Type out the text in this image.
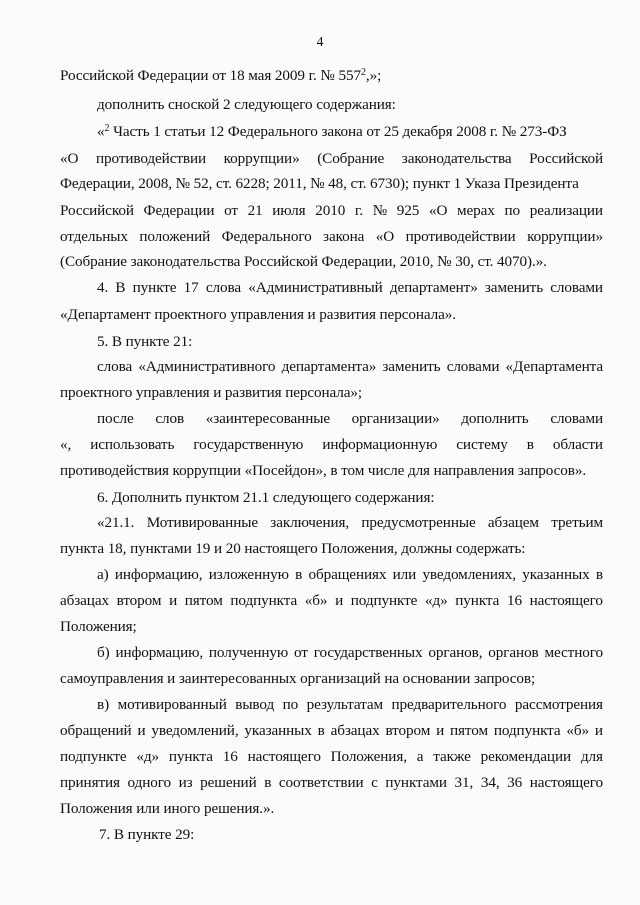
4
Российской Федерации от 18 мая 2009 г. № $557^2$,»;
дополнить сноской 2 следующего содержания:
«$^2$ Часть 1 статьи 12 Федерального закона от 25 декабря 2008 г. № 273-ФЗ
«О противодействии коррупции» (Собрание законодательства Российской
Федерации, 2008, № 52, ст. 6228; 2011, № 48, ст. 6730); пункт 1 Указа Президента
Российской Федерации от 21 июля 2010 г. № 925 «О мерах по реализации
отдельных положений Федерального закона «О противодействии коррупции»
(Собрание законодательства Российской Федерации, 2010, № 30, ст. 4070).».
4. В пункте 17 слова «Административный департамент» заменить словами
«Департамент проектного управления и развития персонала».
5. В пункте 21:
слова «Административного департамента» заменить словами «Департамента
проектного управления и развития персонала»;
после слов «заинтересованные организации» дополнить словами
«, использовать государственную информационную систему в области
противодействия коррупции «Посейдон», в том числе для направления запросов».
6. Дополнить пунктом 21.1 следующего содержания:
«21.1. Мотивированные заключения, предусмотренные абзацем третьим
пункта 18, пунктами 19 и 20 настоящего Положения, должны содержать:
а) информацию, изложенную в обращениях или уведомлениях, указанных в
абзацах втором и пятом подпункта «б» и подпункте «д» пункта 16 настоящего
Положения;
б) информацию, полученную от государственных органов, органов местного
самоуправления и заинтересованных организаций на основании запросов;
в) мотивированный вывод по результатам предварительного рассмотрения
обращений и уведомлений, указанных в абзацах втором и пятом подпункта «б» и
подпункте «д» пункта 16 настоящего Положения, а также рекомендации для
принятия одного из решений в соответствии с пунктами 31, 34, 36 настоящего
Положения или иного решения.».
7. В пункте 29:
